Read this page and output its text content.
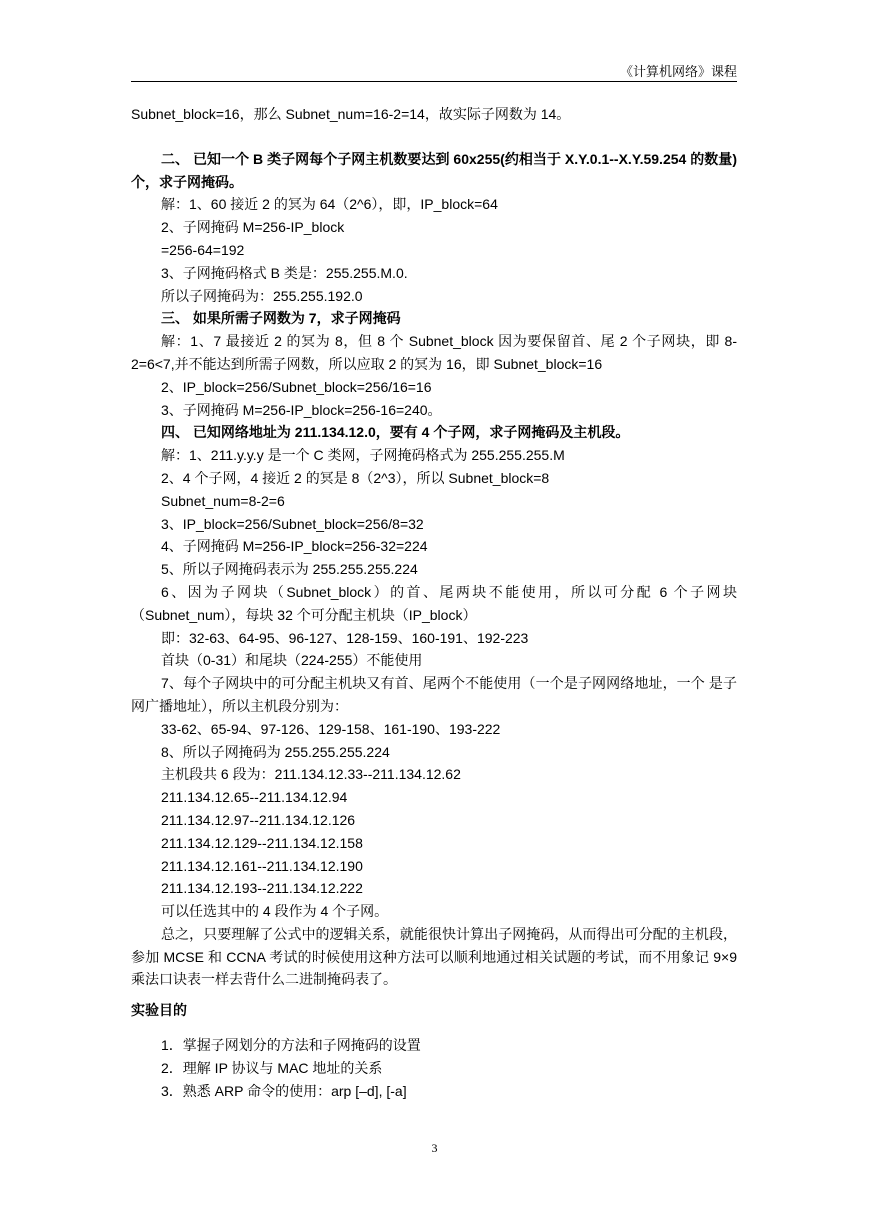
《计算机网络》课程

Subnet_block=16，那么 Subnet_num=16-2=14，故实际子网数为 14。

二、 已知一个 B 类子网每个子网主机数要达到 60x255(约相当于 X.Y.0.1--X.Y.59.254 的数量)个，求子网掩码。

解：1、60 接近 2 的冥为 64（2^6），即，IP_block=64

2、子网掩码 M=256-IP_block

=256-64=192

3、子网掩码格式 B 类是：255.255.M.0.

所以子网掩码为：255.255.192.0

三、 如果所需子网数为 7，求子网掩码

解：1、7 最接近 2 的冥为 8，但 8 个 Subnet_block 因为要保留首、尾 2 个子网块，即 8-2=6<7,并不能达到所需子网数，所以应取 2 的冥为 16，即 Subnet_block=16

2、IP_block=256/Subnet_block=256/16=16

3、子网掩码 M=256-IP_block=256-16=240。

四、 已知网络地址为 211.134.12.0，要有 4 个子网，求子网掩码及主机段。

解：1、211.y.y.y 是一个 C 类网，子网掩码格式为 255.255.255.M

2、4 个子网，4 接近 2 的冥是 8（2^3），所以 Subnet_block=8

Subnet_num=8-2=6

3、IP_block=256/Subnet_block=256/8=32

4、子网掩码 M=256-IP_block=256-32=224

5、所以子网掩码表示为 255.255.255.224

6、因为子网块（Subnet_block）的首、尾两块不能使用，所以可分配 6 个子网块（Subnet_num），每块 32 个可分配主机块（IP_block）

即：32-63、64-95、96-127、128-159、160-191、192-223

首块（0-31）和尾块（224-255）不能使用

7、每个子网块中的可分配主机块又有首、尾两个不能使用（一个是子网网络地址，一个 是子网广播地址），所以主机段分别为：

33-62、65-94、97-126、129-158、161-190、193-222

8、所以子网掩码为 255.255.255.224

主机段共 6 段为：211.134.12.33--211.134.12.62

211.134.12.65--211.134.12.94

211.134.12.97--211.134.12.126

211.134.12.129--211.134.12.158

211.134.12.161--211.134.12.190

211.134.12.193--211.134.12.222

可以任选其中的 4 段作为 4 个子网。

总之，只要理解了公式中的逻辑关系，就能很快计算出子网掩码，从而得出可分配的主机段，参加 MCSE 和 CCNA 考试的时候使用这种方法可以顺利地通过相关试题的考试，而不用象记 9×9 乘法口诀表一样去背什么二进制掩码表了。

实验目的

1．掌握子网划分的方法和子网掩码的设置

2．理解 IP 协议与 MAC 地址的关系

3．熟悉 ARP 命令的使用：arp [–d], [-a]

3
